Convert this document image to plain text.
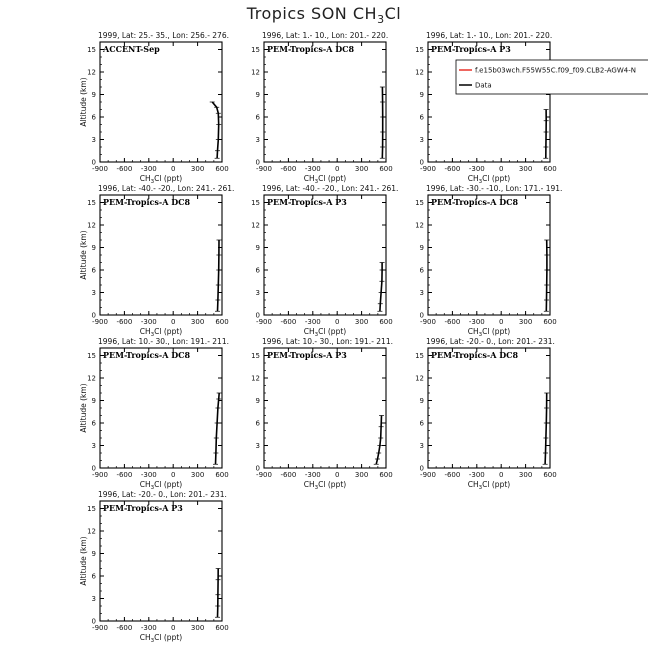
Tropics SON $CH_3Cl$
1999, Lat: 25.- 35., Lon: 256.- 276.
ACCENT-Sep
-900 -600 -300 0 300 600
0
3
6
9
12
15
$CH_3Cl$ (ppt)
Altitude (km)
1996, Lat: 1.- 10., Lon: 201.- 220.
PEM-Tropics-A DC8
-900 -600 -300 0 300 600
0
3
6
9
12
15
$CH_3Cl$ (ppt)
1996, Lat: 1.- 10., Lon: 201.- 220.
PEM-Tropics-A P3
-900 -600 -300 0 300 600
0
3
6
9
12
15
$CH_3Cl$ (ppt)
1996, Lat: -40.- -20., Lon: 241.- 261.
PEM-Tropics-A DC8
-900 -600 -300 0 300 600
0
3
6
9
12
15
$CH_3Cl$ (ppt)
Altitude (km)
1996, Lat: -40.- -20., Lon: 241.- 261.
PEM-Tropics-A P3
-900 -600 -300 0 300 600
0
3
6
9
12
15
$CH_3Cl$ (ppt)
1996, Lat: -30.- -10., Lon: 171.- 191.
PEM-Tropics-A DC8
-900 -600 -300 0 300 600
0
3
6
9
12
15
$CH_3Cl$ (ppt)
1996, Lat: 10.- 30., Lon: 191.- 211.
PEM-Tropics-A DC8
-900 -600 -300 0 300 600
0
3
6
9
12
15
$CH_3Cl$ (ppt)
Altitude (km)
1996, Lat: 10.- 30., Lon: 191.- 211.
PEM-Tropics-A P3
-900 -600 -300 0 300 600
0
3
6
9
12
15
$CH_3Cl$ (ppt)
1996, Lat: -20.- 0., Lon: 201.- 231.
PEM-Tropics-A DC8
-900 -600 -300 0 300 600
0
3
6
9
12
15
$CH_3Cl$ (ppt)
1996, Lat: -20.- 0., Lon: 201.- 231.
PEM-Tropics-A P3
-900 -600 -300 0 300 600
0
3
6
9
12
15
$CH_3Cl$ (ppt)
Altitude (km)
f.e15b03wch.F55W55C.f09_f09.CLB2-AGW4-N
Data
